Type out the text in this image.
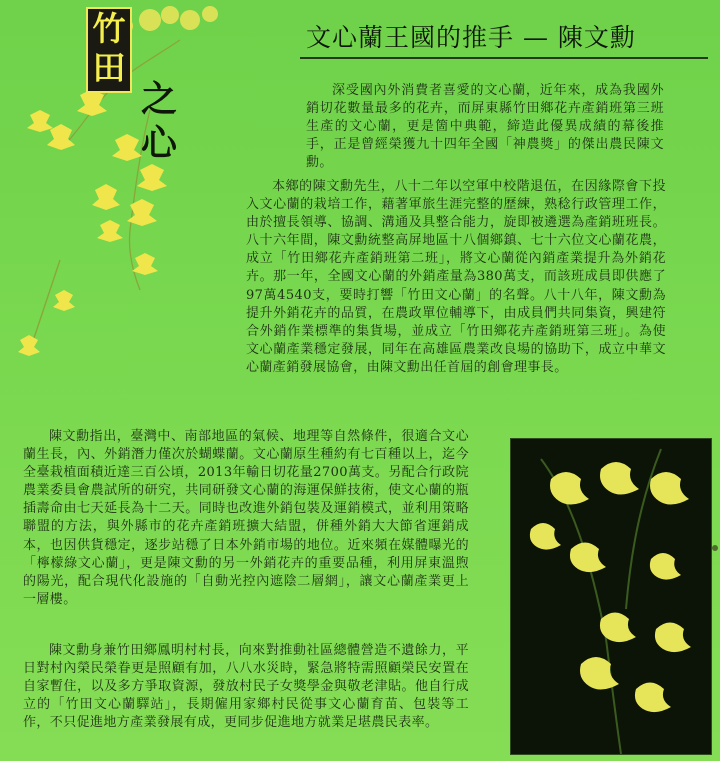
竹
田
之
心
文心蘭王國的推手 — 陳文勳

深受國內外消費者喜愛的文心蘭，近年來，成為我國外銷切花數量最多的花卉，而屏東縣竹田鄉花卉產銷班第三班生產的文心蘭，更是箇中典範，締造此優異成績的幕後推手，正是曾經榮獲九十四年全國「神農獎」的傑出農民陳文勳。

本鄉的陳文勳先生，八十二年以空軍中校階退伍，在因緣際會下投入文心蘭的栽培工作，藉著軍旅生涯完整的歷練，熟稔行政管理工作，由於擅長領導、協調、溝通及具整合能力，旋即被遴選為產銷班班長。八十六年間，陳文勳統整高屏地區十八個鄉鎮、七十六位文心蘭花農，成立「竹田鄉花卉產銷班第二班」，將文心蘭從內銷產業提升為外銷花卉。那一年，全國文心蘭的外銷產量為380萬支，而該班成員即供應了97萬4540支，要時打響「竹田文心蘭」的名聲。八十八年，陳文勳為提升外銷花卉的品質，在農政單位輔導下，由成員們共同集資，興建符合外銷作業標準的集貨場，並成立「竹田鄉花卉產銷班第三班」。為使文心蘭產業穩定發展，同年在高雄區農業改良場的協助下，成立中華文心蘭產銷發展協會，由陳文勳出任首屆的創會理事長。

陳文勳指出，臺灣中、南部地區的氣候、地理等自然條件，很適合文心蘭生長，內、外銷潛力僅次於蝴蝶蘭。文心蘭原生種約有七百種以上，迄今全臺栽植面積近達三百公頃，2013年輸日切花量2700萬支。另配合行政院農業委員會農試所的研究，共同研發文心蘭的海運保鮮技術，使文心蘭的瓶插壽命由七天延長為十二天。同時也改進外銷包裝及運銷模式，並利用策略聯盟的方法，與外縣市的花卉產銷班擴大結盟，併種外銷大大節省運銷成本，也因供貨穩定，逐步站穩了日本外銷市場的地位。近來頻在媒體曝光的「檸檬綠文心蘭」，更是陳文勳的另一外銷花卉的重要品種，利用屏東溫煦的陽光，配合現代化設施的「自動光控內遮陰二層網」，讓文心蘭產業更上一層樓。

陳文勳身兼竹田鄉鳳明村村長，向來對推動社區總體營造不遺餘力，平日對村內榮民榮眷更是照顧有加，八八水災時，緊急將特需照顧榮民安置在自家暫住，以及多方爭取資源，發放村民子女獎學金與敬老津貼。他自行成立的「竹田文心蘭驛站」，長期僱用家鄉村民從事文心蘭育苗、包裝等工作，不只促進地方產業發展有成，更同步促進地方就業足堪農民表率。
